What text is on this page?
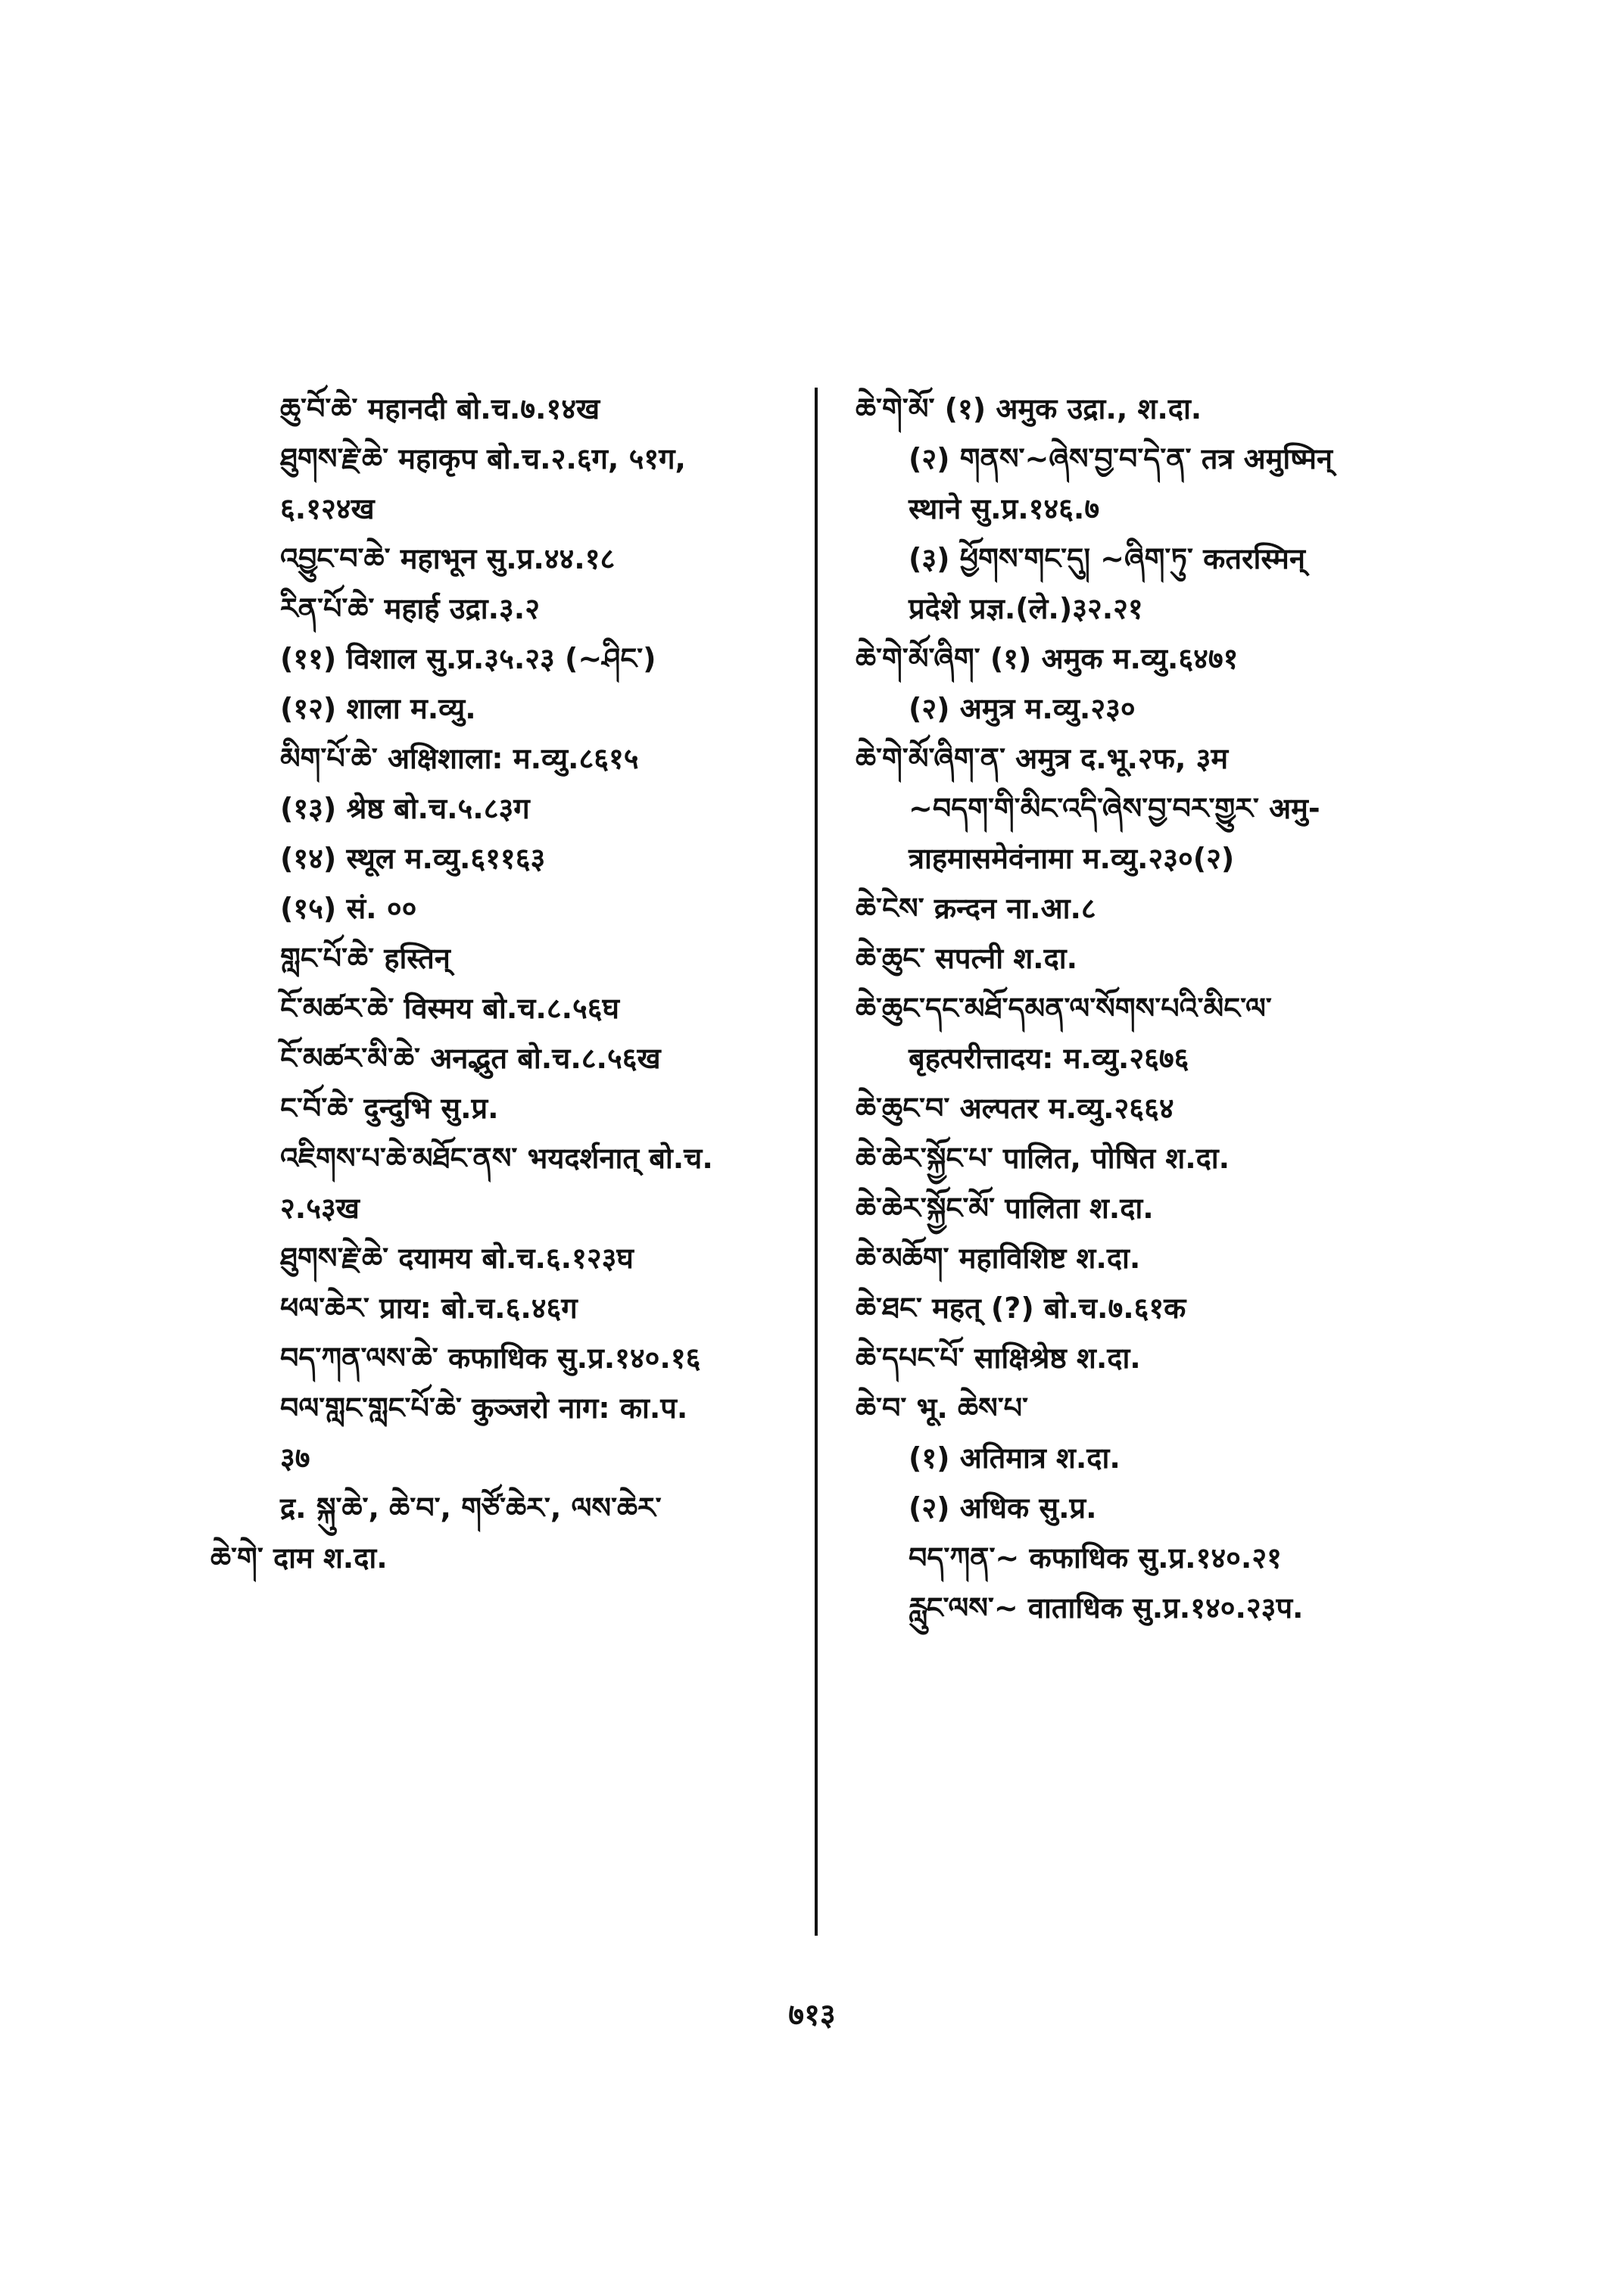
ཆུ་བོ་ཆེ་ महानदी बो.च.७.१४ख
ཐུགས་རྗེ་ཆེ་ महाकृप बो.च.२.६ग, ५१ग,
६.१२४ख
འབྱུང་བ་ཆེ་ महाभून सु.प्र.४४.१८
རིན་པོ་ཆེ་ महार्ह उद्रा.३.२
(११) विशाल सु.प्र.३५.२३ (~ཤིང་)
(१२) शाला म.व्यु.
མིག་པོ་ཆེ་ अक्षिशाला: म.व्यु.८६१५
(१३) श्रेष्ठ बो.च.५.८३ग
(१४) स्थूल म.व्यु.६११६३
(१५) सं. ००
གླང་པོ་ཆེ་ हस्तिन्
ངོ་མཚར་ཆེ་ विस्मय बो.च.८.५६घ
ངོ་མཚར་མི་ཆེ་ अनद्भुत बो.च.८.५६ख
ང་བོ་ཆེ་ दुन्दुभि सु.प्र.
འཇིགས་པ་ཆེ་མཐོང་ནས་ भयदर्शनात् बो.च.
२.५३ख
ཐུགས་རྗེ་ཆེ་ दयामय बो.च.६.१२३घ
ཕལ་ཆེར་ प्राय: बो.च.६.४६ग
བད་ཀན་ལས་ཆེ་ कफाधिक सु.प्र.१४०.१६
བལ་གླང་གླང་པོ་ཆེ་ कुञ्जरो नाग: का.प.
३७
द्र. སྐུ་ཆེ་, ཆེ་བ་, གཙོ་ཆེར་, ལས་ཆེར་
ཆེ་གེ་ दाम श.दा.
ཆེ་གེ་མོ་ (१) अमुक उद्रा., श.दा.
(२) གནས་~ཞེས་བྱ་བ་དེ་ན་ तत्र अमुष्मिन्
स्थाने सु.प्र.१४६.७
(३) ཕྱོགས་གང་དུ། ~ཞིག་ཏུ་ कतरस्मिन्
प्रदेशे प्रज्ञ.(ले.)३२.२१
ཆེ་གེ་མོ་ཞིག་ (१) अमुक म.व्यु.६४७१
(२) अमुत्र म.व्यु.२३०
ཆེ་གེ་མོ་ཞིག་ན་ अमुत्र द.भू.२फ, ३म
~བདག་གི་མིང་འདི་ཞེས་བྱ་བར་གྱུར་ अमु-
त्राहमासमेवंनामा म.व्यु.२३०(२)
ཆེ་ངེས་ क्रन्दन ना.आ.८
ཆེ་ཆུང་ सपत्नी श.दा.
ཆེ་ཆུང་དང་མཐོ་དམན་ལ་སོགས་པའི་མིང་ལ་
बृहत्परीत्तादय: म.व्यु.२६७६
ཆེ་ཆུང་བ་ अल्पतर म.व्यु.२६६४
ཆེ་ཆེར་སྐྱོང་པ་ पालित, पोषित श.दा.
ཆེ་ཆེར་སྐྱོང་མོ་ पालिता श.दा.
ཆེ་མཆོག་ महाविशिष्ट श.दा.
ཆེ་ཐང་ महत् (?) बो.च.७.६१क
ཆེ་དཔང་པོ་ साक्षिश्रेष्ठ श.दा.
ཆེ་བ་ भू. ཆེས་པ་
(१) अतिमात्र श.दा.
(२) अधिक सु.प्र.
བད་ཀན་~ कफाधिक सु.प्र.१४०.२१
རླུང་ལས་~ वाताधिक सु.प्र.१४०.२३प.
७१३
